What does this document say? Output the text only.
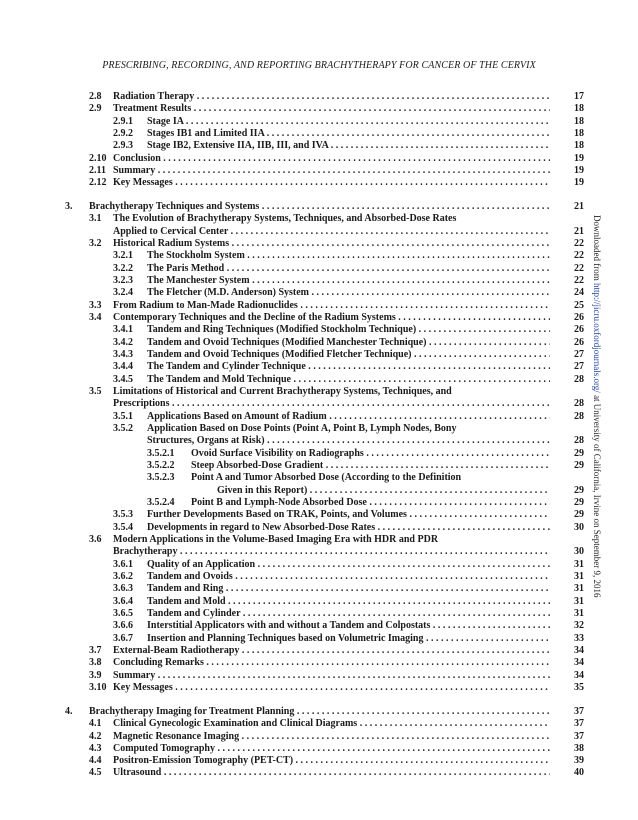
PRESCRIBING, RECORDING, AND REPORTING BRACHYTHERAPY FOR CANCER OF THE CERVIX
2.8 Radiation Therapy . . .	17
2.9 Treatment Results . . .	18
2.9.1 Stage IA . . .	18
2.9.2 Stages IB1 and Limited IIA . . .	18
2.9.3 Stage IB2, Extensive IIA, IIB, III, and IVA . . .	18
2.10 Conclusion . . .	19
2.11 Summary . . .	19
2.12 Key Messages . . .	19
3. Brachytherapy Techniques and Systems . . .	21
3.1 The Evolution of Brachytherapy Systems, Techniques, and Absorbed-Dose Rates
Applied to Cervical Center . . .	21
3.2 Historical Radium Systems . . .	22
3.2.1 The Stockholm System . . .	22
3.2.2 The Paris Method . . .	22
3.2.3 The Manchester System . . .	22
3.2.4 The Fletcher (M.D. Anderson) System . . .	24
3.3 From Radium to Man-Made Radionuclides . . .	25
3.4 Contemporary Techniques and the Decline of the Radium Systems . . .	26
3.4.1 Tandem and Ring Techniques (Modified Stockholm Technique) . . .	26
3.4.2 Tandem and Ovoid Techniques (Modified Manchester Technique) . . .	26
3.4.3 Tandem and Ovoid Techniques (Modified Fletcher Technique) . . .	27
3.4.4 The Tandem and Cylinder Technique . . .	27
3.4.5 The Tandem and Mold Technique . . .	28
3.5 Limitations of Historical and Current Brachytherapy Systems, Techniques, and
Prescriptions . . .	28
3.5.1 Applications Based on Amount of Radium . . .	28
3.5.2 Application Based on Dose Points (Point A, Point B, Lymph Nodes, Bony
Structures, Organs at Risk) . . .	28
3.5.2.1 Ovoid Surface Visibility on Radiographs . . .	29
3.5.2.2 Steep Absorbed-Dose Gradient . . .	29
3.5.2.3 Point A and Tumor Absorbed Dose (According to the Definition
Given in this Report) . . .	29
3.5.2.4 Point B and Lymph-Node Absorbed Dose . . .	29
3.5.3 Further Developments Based on TRAK, Points, and Volumes . . .	29
3.5.4 Developments in regard to New Absorbed-Dose Rates . . .	30
3.6 Modern Applications in the Volume-Based Imaging Era with HDR and PDR
Brachytherapy . . .	30
3.6.1 Quality of an Application . . .	31
3.6.2 Tandem and Ovoids . . .	31
3.6.3 Tandem and Ring . . .	31
3.6.4 Tandem and Mold . . .	31
3.6.5 Tandem and Cylinder . . .	31
3.6.6 Interstitial Applicators with and without a Tandem and Colpostats . . .	32
3.6.7 Insertion and Planning Techniques based on Volumetric Imaging . . .	33
3.7 External-Beam Radiotherapy . . .	34
3.8 Concluding Remarks . . .	34
3.9 Summary . . .	34
3.10 Key Messages . . .	35
4. Brachytherapy Imaging for Treatment Planning . . .	37
4.1 Clinical Gynecologic Examination and Clinical Diagrams . . .	37
4.2 Magnetic Resonance Imaging . . .	37
4.3 Computed Tomography . . .	38
4.4 Positron-Emission Tomography (PET-CT) . . .	39
4.5 Ultrasound . . .	40
Downloaded from http://jicru.oxfordjournals.org/ at University of California, Irvine on September 9, 2016
